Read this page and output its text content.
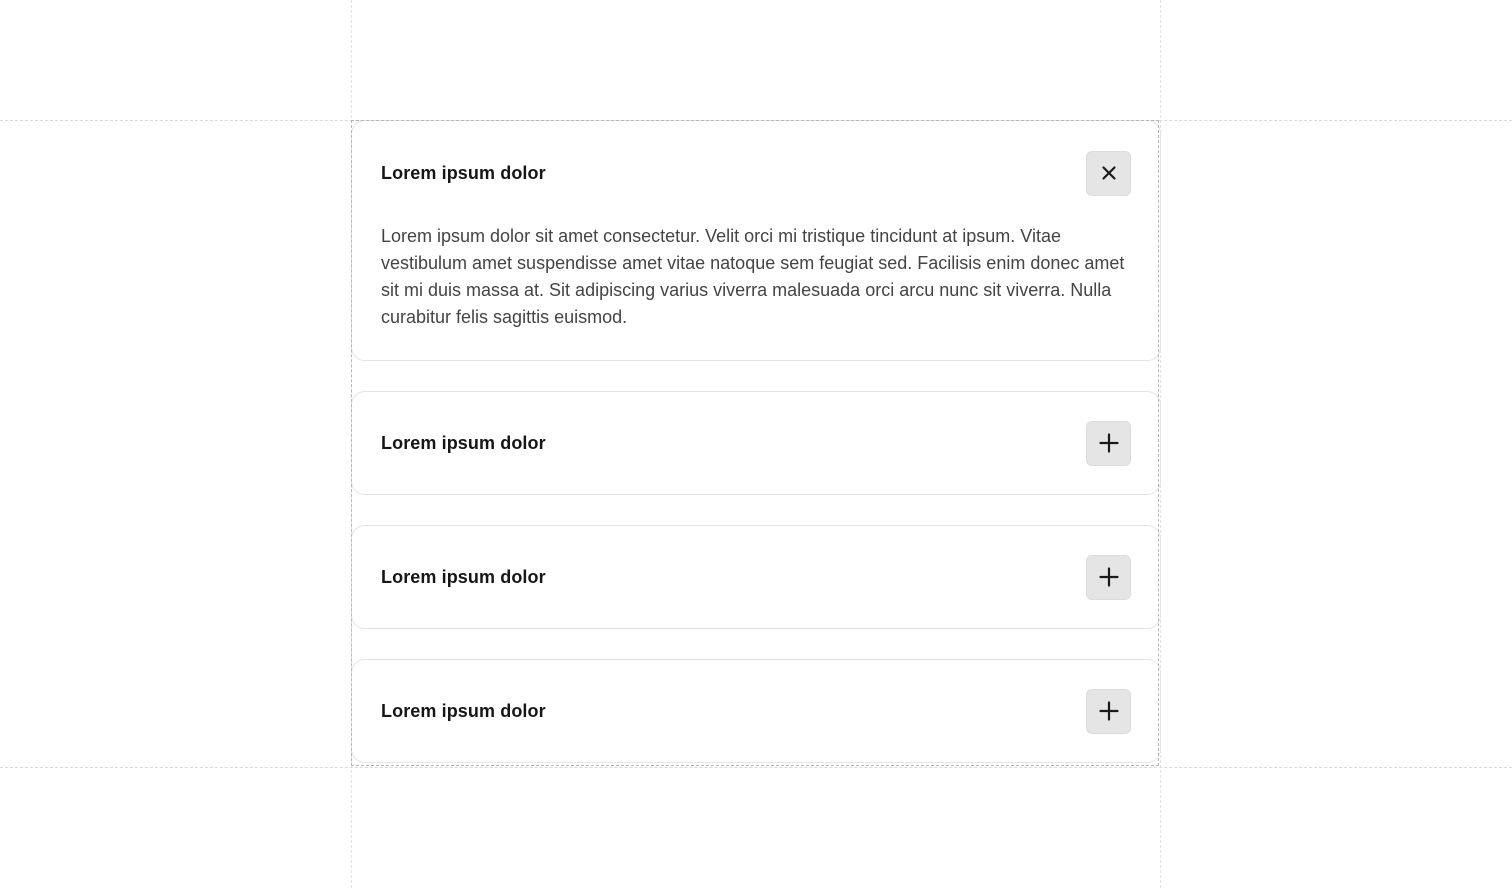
Lorem ipsum dolor

Lorem ipsum dolor sit amet consectetur. Velit orci mi tristique tincidunt at ipsum. Vitae vestibulum amet suspendisse amet vitae natoque sem feugiat sed. Facilisis enim donec amet sit mi duis massa at. Sit adipiscing varius viverra malesuada orci arcu nunc sit viverra. Nulla curabitur felis sagittis euismod.

Lorem ipsum dolor
Lorem ipsum dolor
Lorem ipsum dolor
